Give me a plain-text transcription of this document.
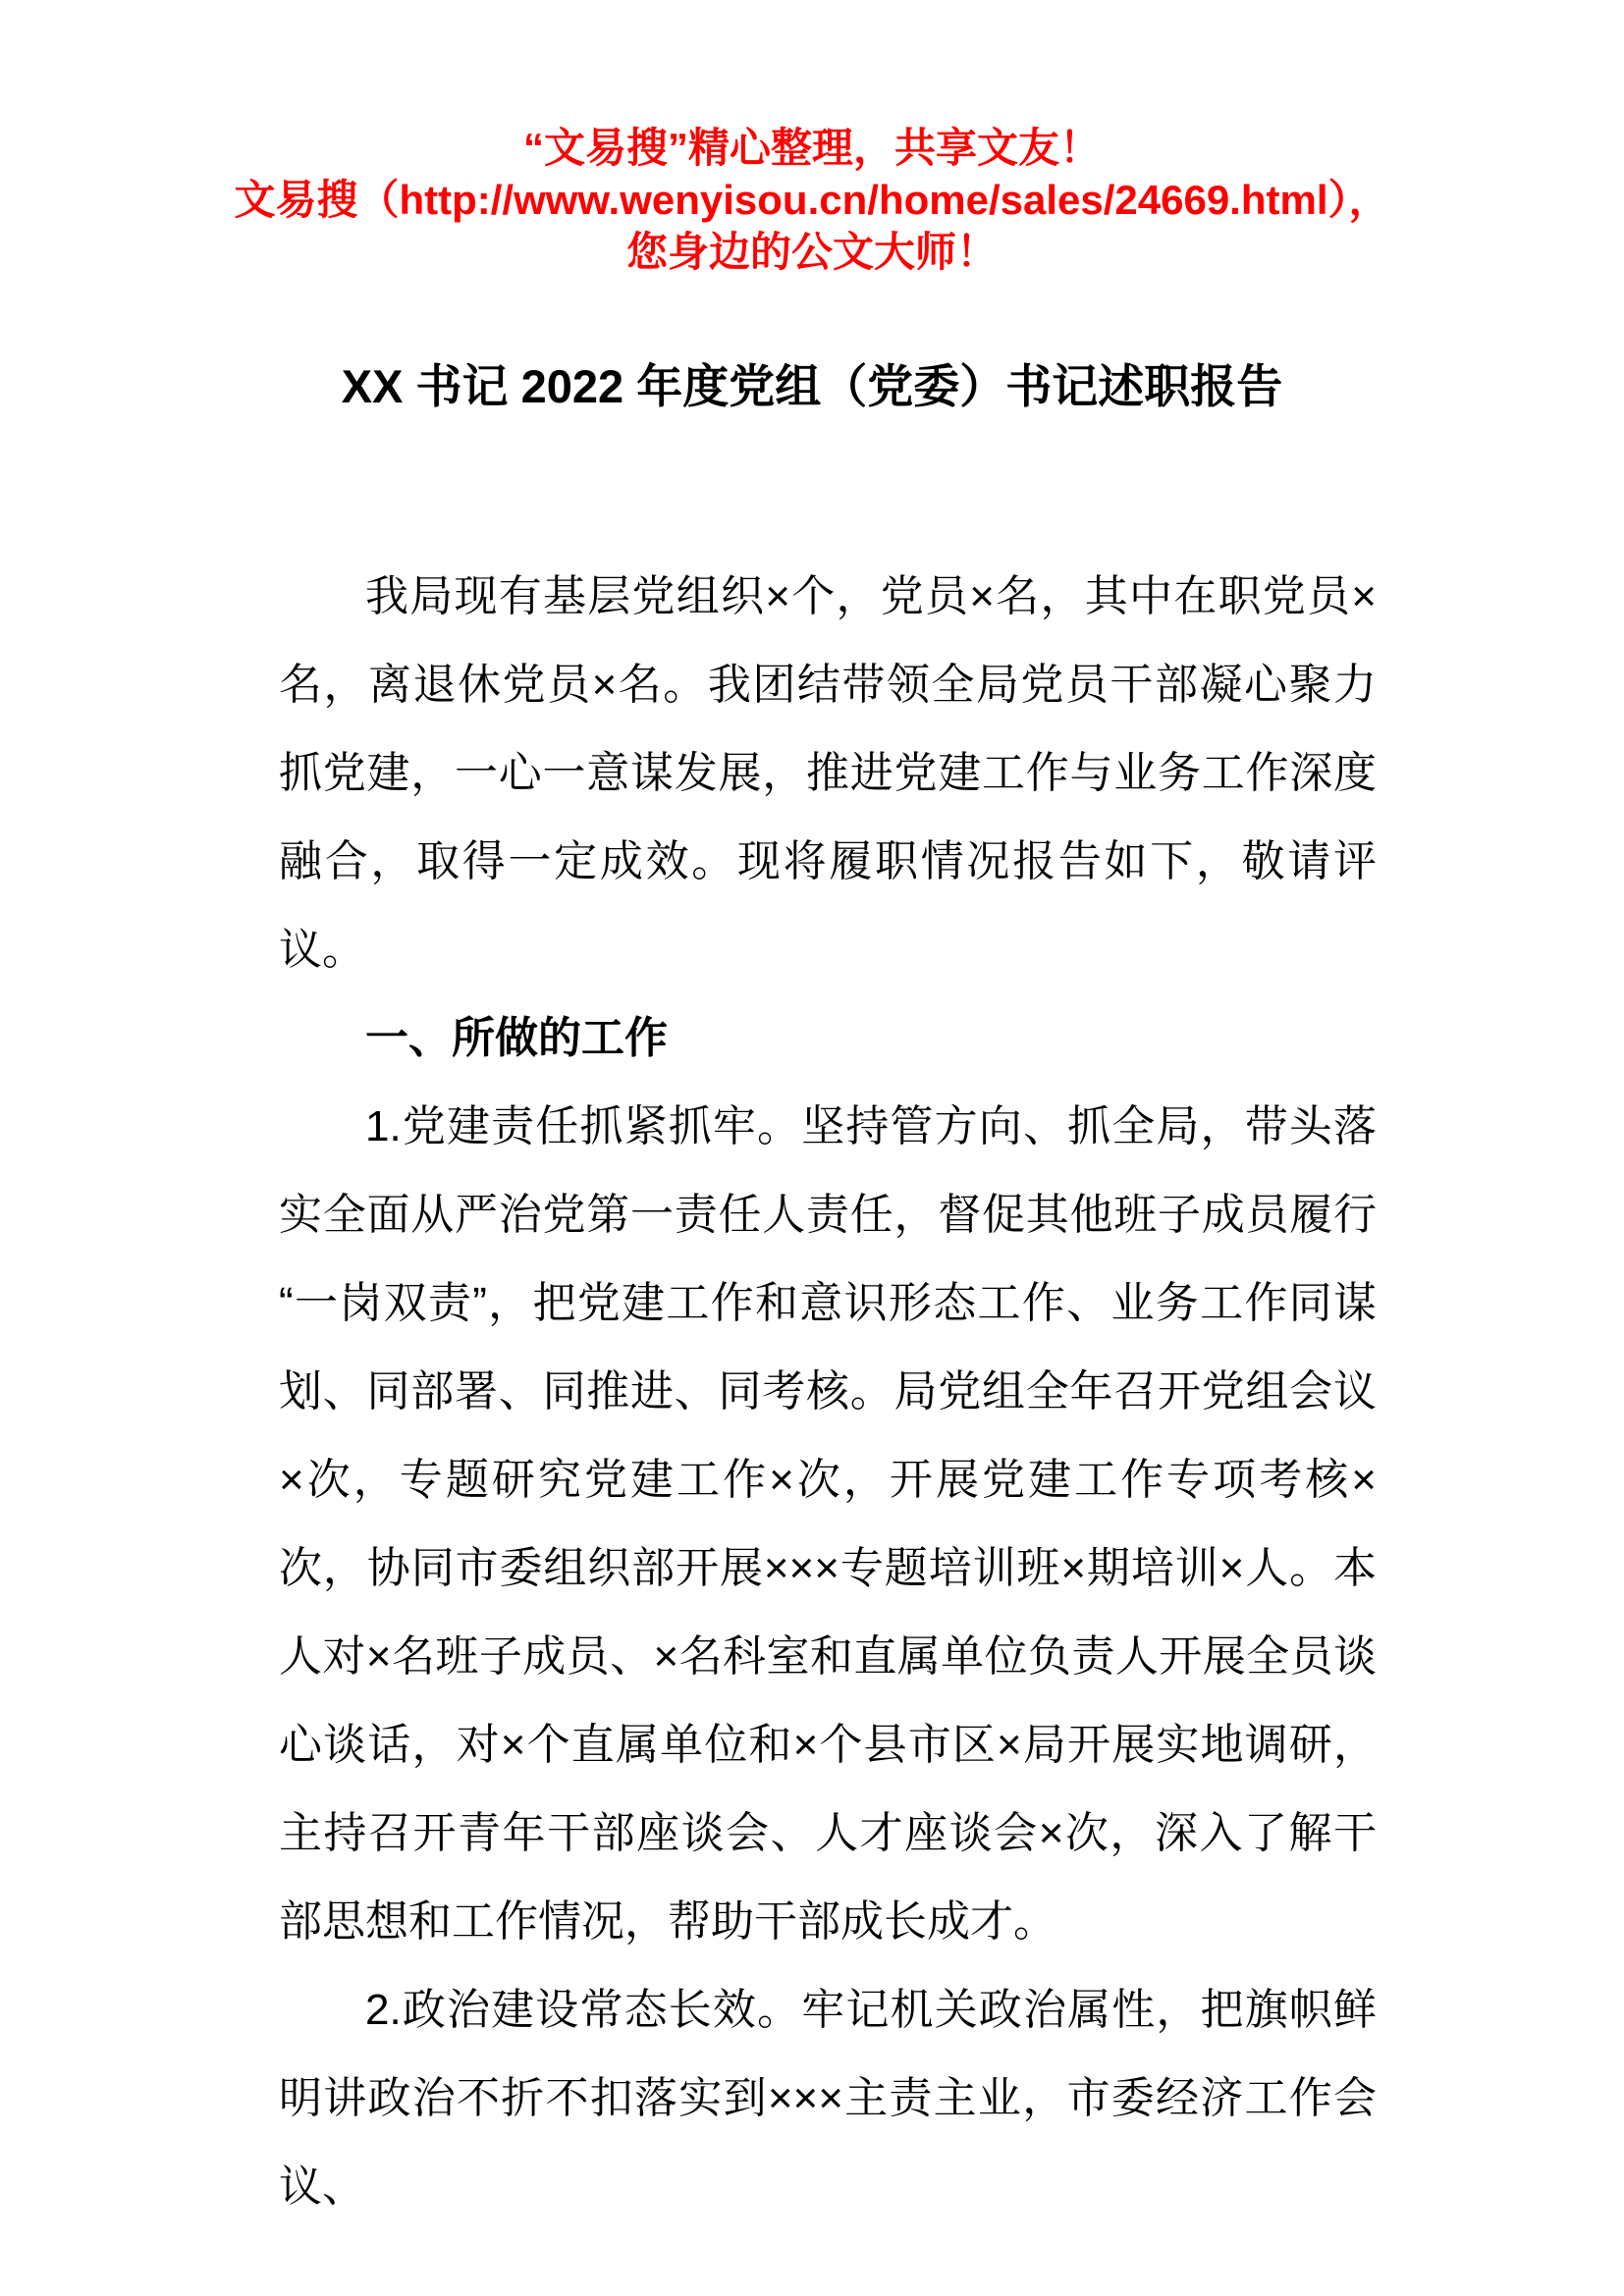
“文易搜”精心整理，共享文友！
文易搜（http://www.wenyisou.cn/home/sales/24669.html），
您身边的公文大师！
XX 书记 2022 年度党组（党委）书记述职报告

我局现有基层党组织×个，党员×名，其中在职党员×名，离退休党员×名。我团结带领全局党员干部凝心聚力抓党建，一心一意谋发展，推进党建工作与业务工作深度融合，取得一定成效。现将履职情况报告如下，敬请评议。

一、所做的工作

1.党建责任抓紧抓牢。坚持管方向、抓全局，带头落实全面从严治党第一责任人责任，督促其他班子成员履行“一岗双责”，把党建工作和意识形态工作、业务工作同谋划、同部署、同推进、同考核。局党组全年召开党组会议×次，专题研究党建工作×次，开展党建工作专项考核×次，协同市委组织部开展×××专题培训班×期培训×人。本人对×名班子成员、×名科室和直属单位负责人开展全员谈心谈话，对×个直属单位和×个县市区×局开展实地调研，主持召开青年干部座谈会、人才座谈会×次，深入了解干部思想和工作情况，帮助干部成长成才。

2.政治建设常态长效。牢记机关政治属性，把旗帜鲜明讲政治不折不扣落实到×××主责主业，市委经济工作会议、
